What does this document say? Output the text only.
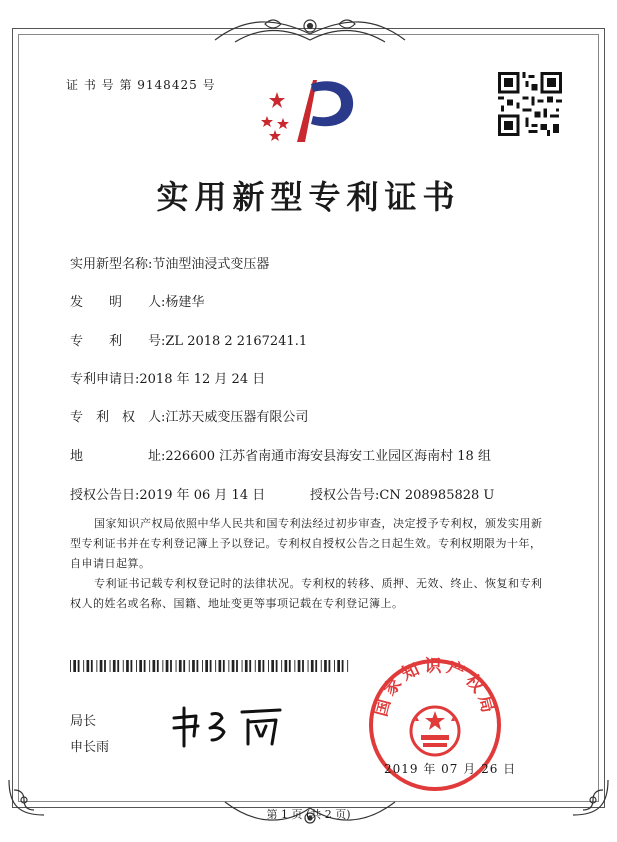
证 书 号 第 9148425 号
实用新型专利证书
实用新型名称:节油型油浸式变压器
发　　明　　人:杨建华
专　　利　　号:ZL 2018 2 2167241.1
专利申请日:2018 年 12 月 24 日
专　利　权　人:江苏天威变压器有限公司
地　　　　　址:226600 江苏省南通市海安县海安工业园区海南村 18 组
授权公告日:2019 年 06 月 14 日	授权公告号:CN 208985828 U
国家知识产权局依照中华人民共和国专利法经过初步审查，决定授予专利权，颁发实用新型专利证书并在专利登记簿上予以登记。专利权自授权公告之日起生效。专利权期限为十年，自申请日起算。
专利证书记载专利权登记时的法律状况。专利权的转移、质押、无效、终止、恢复和专利权人的姓名或名称、国籍、地址变更等事项记载在专利登记簿上。
局长
申长雨
国家知识产权局
2019 年 07 月 26 日
第 1 页 (共 2 页)
